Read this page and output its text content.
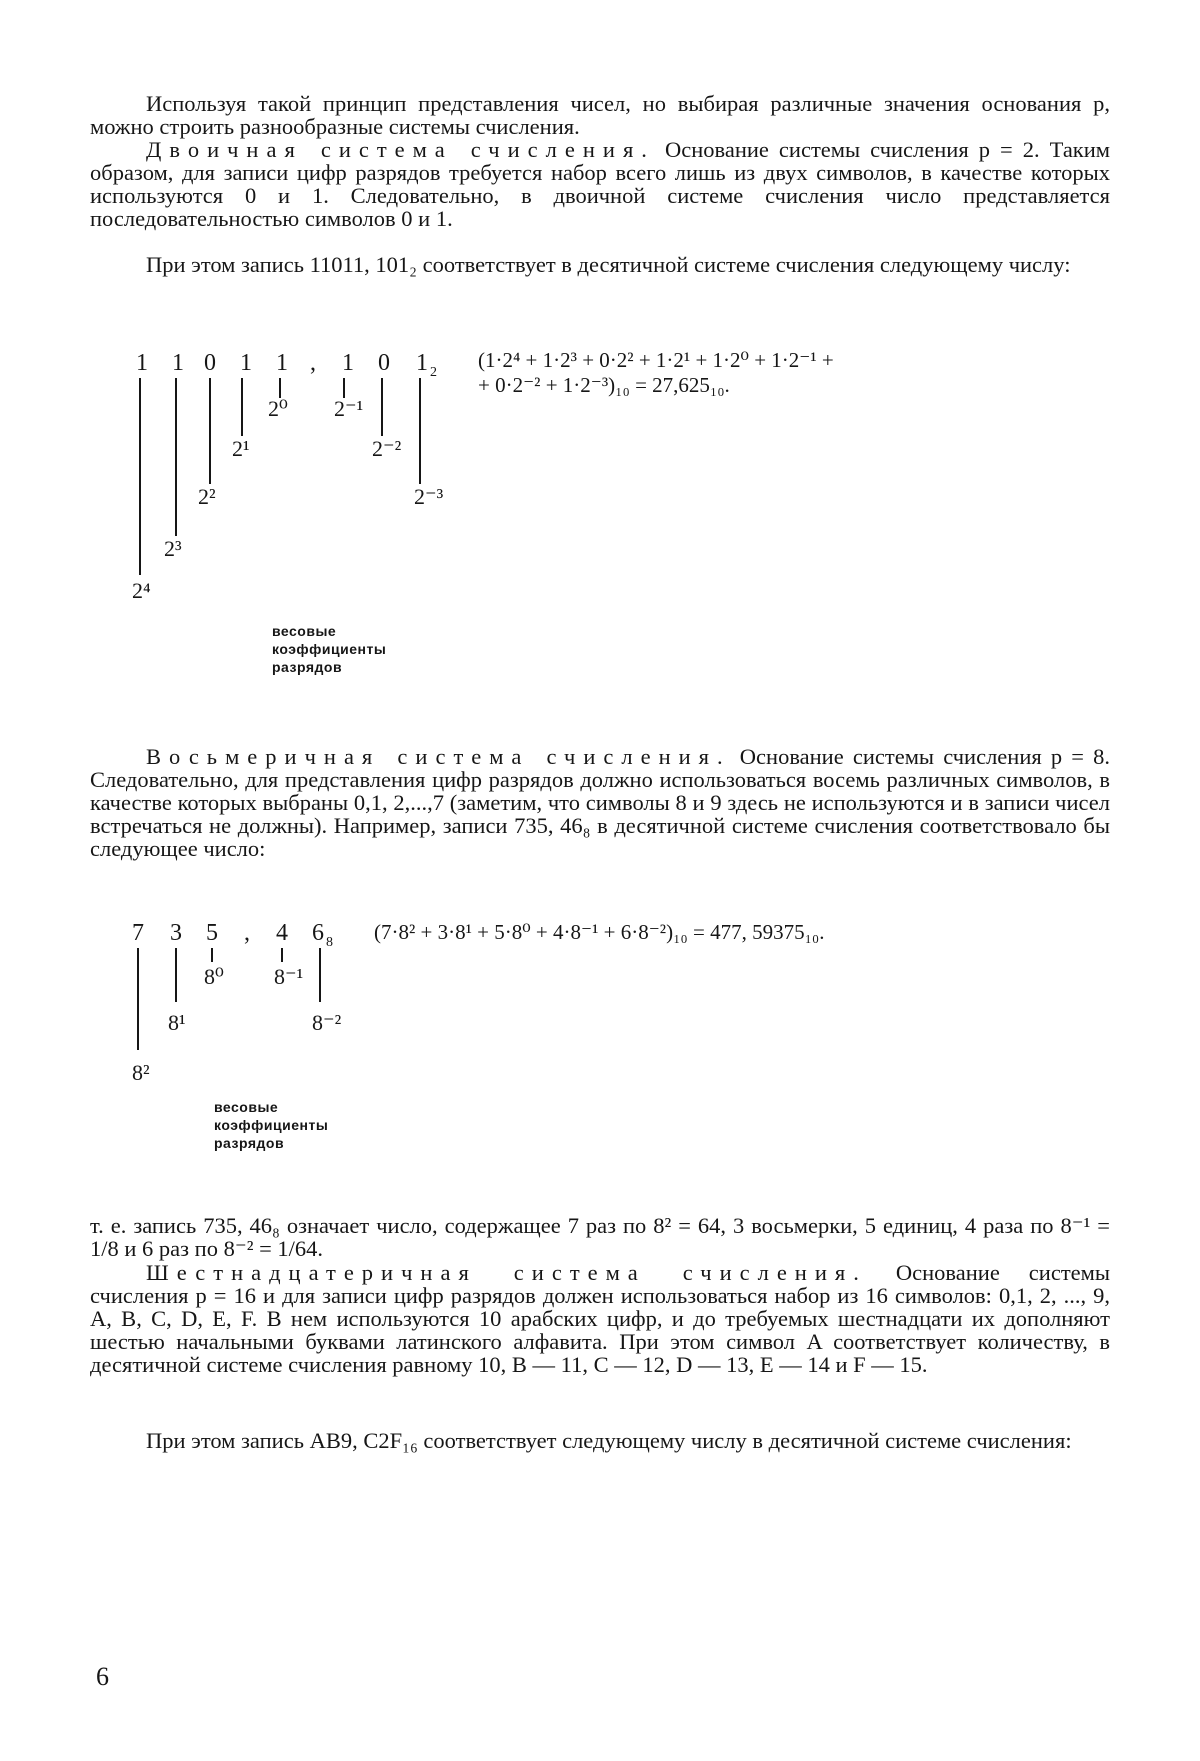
Используя такой принцип представления чисел, но выбирая различные значения основания p, можно строить разнообразные системы счисления.

Двоичная система счисления. Основание системы счисления p = 2. Таким образом, для записи цифр разрядов требуется набор всего лишь из двух символов, в качестве которых используются 0 и 1. Следовательно, в двоичной системе счисления число представляется последовательностью символов 0 и 1.

При этом запись 11011, 101₂ соответствует в десятичной системе счисления следующему числу:

1 1 0 1 1 , 1 0 1 2
2⁴
2³
2²
2¹
2⁰ 2⁻¹
2⁻²
2⁻³
(1·2⁴ + 1·2³ + 0·2² + 1·2¹ + 1·2⁰ + 1·2⁻¹ +
+ 0·2⁻² + 1·2⁻³)₁₀ = 27,625₁₀.
весовые
коэффициенты
разрядов

Восьмеричная система счисления. Основание системы счисления p = 8. Следовательно, для представления цифр разрядов должно использоваться восемь различных символов, в качестве которых выбраны 0,1, 2,...,7 (заметим, что символы 8 и 9 здесь не используются и в записи чисел встречаться не должны). Например, записи 735, 46₈ в десятичной системе счисления соответствовало бы следующее число:

7 3 5 , 4 6 8
8²
8¹
8⁰ 8⁻¹
8⁻²
(7·8² + 3·8¹ + 5·8⁰ + 4·8⁻¹ + 6·8⁻²)₁₀ = 477, 59375₁₀.
весовые
коэффициенты
разрядов

т. е. запись 735, 46₈ означает число, содержащее 7 раз по 8² = 64, 3 восьмерки, 5 единиц, 4 раза по 8⁻¹ = 1/8 и 6 раз по 8⁻² = 1/64.

Шестнадцатеричная система счисления. Основание системы счисления p = 16 и для записи цифр разрядов должен использоваться набор из 16 символов: 0,1, 2, ..., 9, A, B, C, D, E, F. В нем используются 10 арабских цифр, и до требуемых шестнадцати их дополняют шестью начальными буквами латинского алфавита. При этом символ A соответствует количеству, в десятичной системе счисления равному 10, B — 11, C — 12, D — 13, E — 14 и F — 15.

При этом запись AB9, C2F₁₆ соответствует следующему числу в десятичной системе счисления:

6
